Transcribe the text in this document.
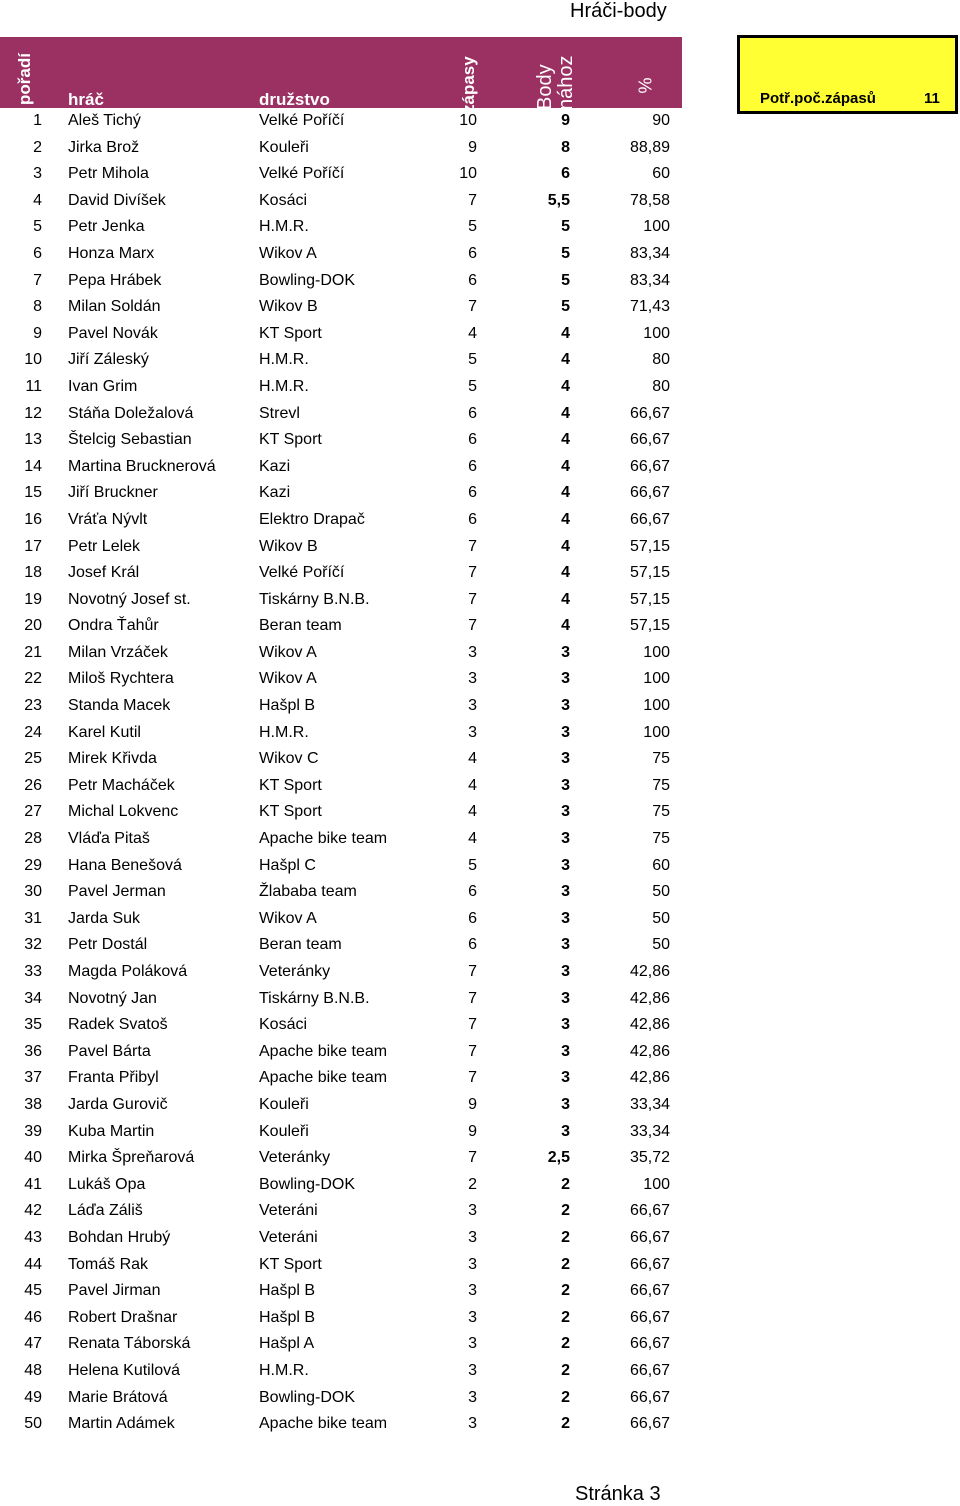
Hráči-body
pořadí hráč	družstvo	zápasy	Body nához	%
Potř.poč.zápasů	11
1 Aleš Tichý	Velké Poříčí	10	9	90
2 Jirka Brož	Kouleři	9	8	88,89
3 Petr Mihola	Velké Poříčí	10	6	60
4 David Divíšek	Kosáci	7	5,5	78,58
5 Petr Jenka	H.M.R.	5	5	100
6 Honza Marx	Wikov A	6	5	83,34
7 Pepa Hrábek	Bowling-DOK	6	5	83,34
8 Milan Soldán	Wikov B	7	5	71,43
9 Pavel Novák	KT Sport	4	4	100
10 Jiří Záleský	H.M.R.	5	4	80
11 Ivan Grim	H.M.R.	5	4	80
12 Stáňa Doležalová	Strevl	6	4	66,67
13 Štelcig Sebastian	KT Sport	6	4	66,67
14 Martina Brucknerová	Kazi	6	4	66,67
15 Jiří Bruckner	Kazi	6	4	66,67
16 Vráťa Nývlt	Elektro Drapač	6	4	66,67
17 Petr Lelek	Wikov B	7	4	57,15
18 Josef Král	Velké Poříčí	7	4	57,15
19 Novotný Josef st.	Tiskárny B.N.B.	7	4	57,15
20 Ondra Ťahůr	Beran team	7	4	57,15
21 Milan Vrzáček	Wikov A	3	3	100
22 Miloš Rychtera	Wikov A	3	3	100
23 Standa Macek	Hašpl B	3	3	100
24 Karel Kutil	H.M.R.	3	3	100
25 Mirek Křivda	Wikov C	4	3	75
26 Petr Macháček	KT Sport	4	3	75
27 Michal Lokvenc	KT Sport	4	3	75
28 Vláďa Pitaš	Apache bike team	4	3	75
29 Hana Benešová	Hašpl C	5	3	60
30 Pavel Jerman	Žlababa team	6	3	50
31 Jarda Suk	Wikov A	6	3	50
32 Petr Dostál	Beran team	6	3	50
33 Magda Poláková	Veteránky	7	3	42,86
34 Novotný Jan	Tiskárny B.N.B.	7	3	42,86
35 Radek Svatoš	Kosáci	7	3	42,86
36 Pavel Bárta	Apache bike team	7	3	42,86
37 Franta Přibyl	Apache bike team	7	3	42,86
38 Jarda Gurovič	Kouleři	9	3	33,34
39 Kuba Martin	Kouleři	9	3	33,34
40 Mirka Špreňarová	Veteránky	7	2,5	35,72
41 Lukáš Opa	Bowling-DOK	2	2	100
42 Láďa Záliš	Veteráni	3	2	66,67
43 Bohdan Hrubý	Veteráni	3	2	66,67
44 Tomáš Rak	KT Sport	3	2	66,67
45 Pavel Jirman	Hašpl B	3	2	66,67
46 Robert Drašnar	Hašpl B	3	2	66,67
47 Renata Táborská	Hašpl A	3	2	66,67
48 Helena Kutilová	H.M.R.	3	2	66,67
49 Marie Brátová	Bowling-DOK	3	2	66,67
50 Martin Adámek	Apache bike team	3	2	66,67
Stránka 3
